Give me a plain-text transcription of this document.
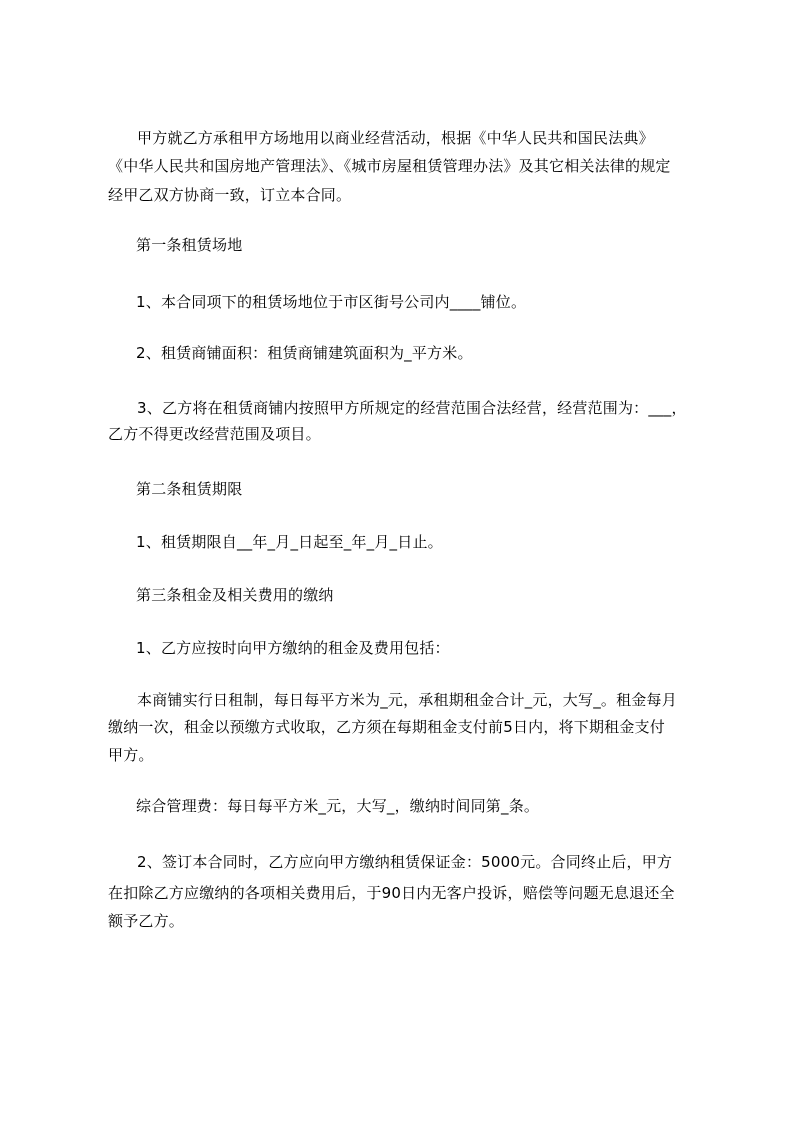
甲方就乙方承租甲方场地用以商业经营活动，根据《中华人民共和国民法典》
《中华人民共和国房地产管理法》、《城市房屋租赁管理办法》及其它相关法律的规定
经甲乙双方协商一致，订立本合同。
第一条租赁场地
1、本合同项下的租赁场地位于市区街号公司内____铺位。
2、租赁商铺面积：租赁商铺建筑面积为_平方米。
3、乙方将在租赁商铺内按照甲方所规定的经营范围合法经营，经营范围为：___，
乙方不得更改经营范围及项目。
第二条租赁期限
1、租赁期限自__年_月_日起至_年_月_日止。
第三条租金及相关费用的缴纳
1、乙方应按时向甲方缴纳的租金及费用包括：
本商铺实行日租制，每日每平方米为_元，承租期租金合计_元，大写_。租金每月
缴纳一次，租金以预缴方式收取，乙方须在每期租金支付前5日内，将下期租金支付
甲方。
综合管理费：每日每平方米_元，大写_，缴纳时间同第_条。
2、签订本合同时，乙方应向甲方缴纳租赁保证金：5000元。合同终止后，甲方
在扣除乙方应缴纳的各项相关费用后，于90日内无客户投诉，赔偿等问题无息退还全
额予乙方。
